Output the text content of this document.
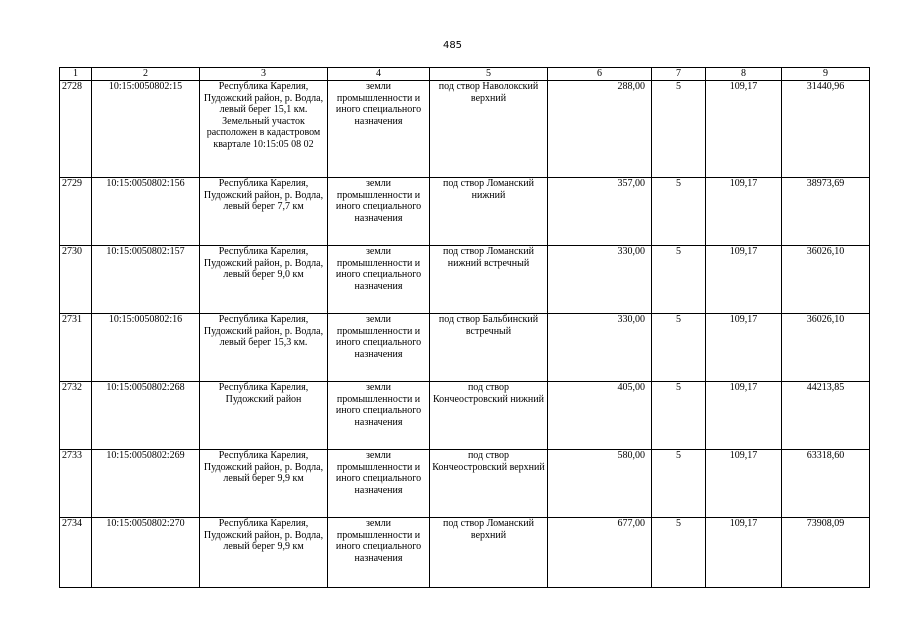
485
1	2	3	4	5	6	7	8	9
2728	10:15:0050802:15	Республика Карелия, Пудожский район, р. Водла, левый берег 15,1 км. Земельный участок расположен в кадастровом квартале 10:15:05 08 02	земли промышленности и иного специального назначения	под створ Наволокский верхний	288,00	5	109,17	31440,96
2729	10:15:0050802:156	Республика Карелия, Пудожский район, р. Водла, левый берег 7,7 км	земли промышленности и иного специального назначения	под створ Ломанский нижний	357,00	5	109,17	38973,69
2730	10:15:0050802:157	Республика Карелия, Пудожский район, р. Водла, левый берег 9,0 км	земли промышленности и иного специального назначения	под створ Ломанский нижний встречный	330,00	5	109,17	36026,10
2731	10:15:0050802:16	Республика Карелия, Пудожский район, р. Водла, левый берег 15,3 км.	земли промышленности и иного специального назначения	под створ Бальбинский встречный	330,00	5	109,17	36026,10
2732	10:15:0050802:268	Республика Карелия, Пудожский район	земли промышленности и иного специального назначения	под створ Кончеостровский нижний	405,00	5	109,17	44213,85
2733	10:15:0050802:269	Республика Карелия, Пудожский район, р. Водла, левый берег 9,9 км	земли промышленности и иного специального назначения	под створ Кончеостровский верхний	580,00	5	109,17	63318,60
2734	10:15:0050802:270	Республика Карелия, Пудожский район, р. Водла, левый берег 9,9 км	земли промышленности и иного специального назначения	под створ Ломанский верхний	677,00	5	109,17	73908,09
